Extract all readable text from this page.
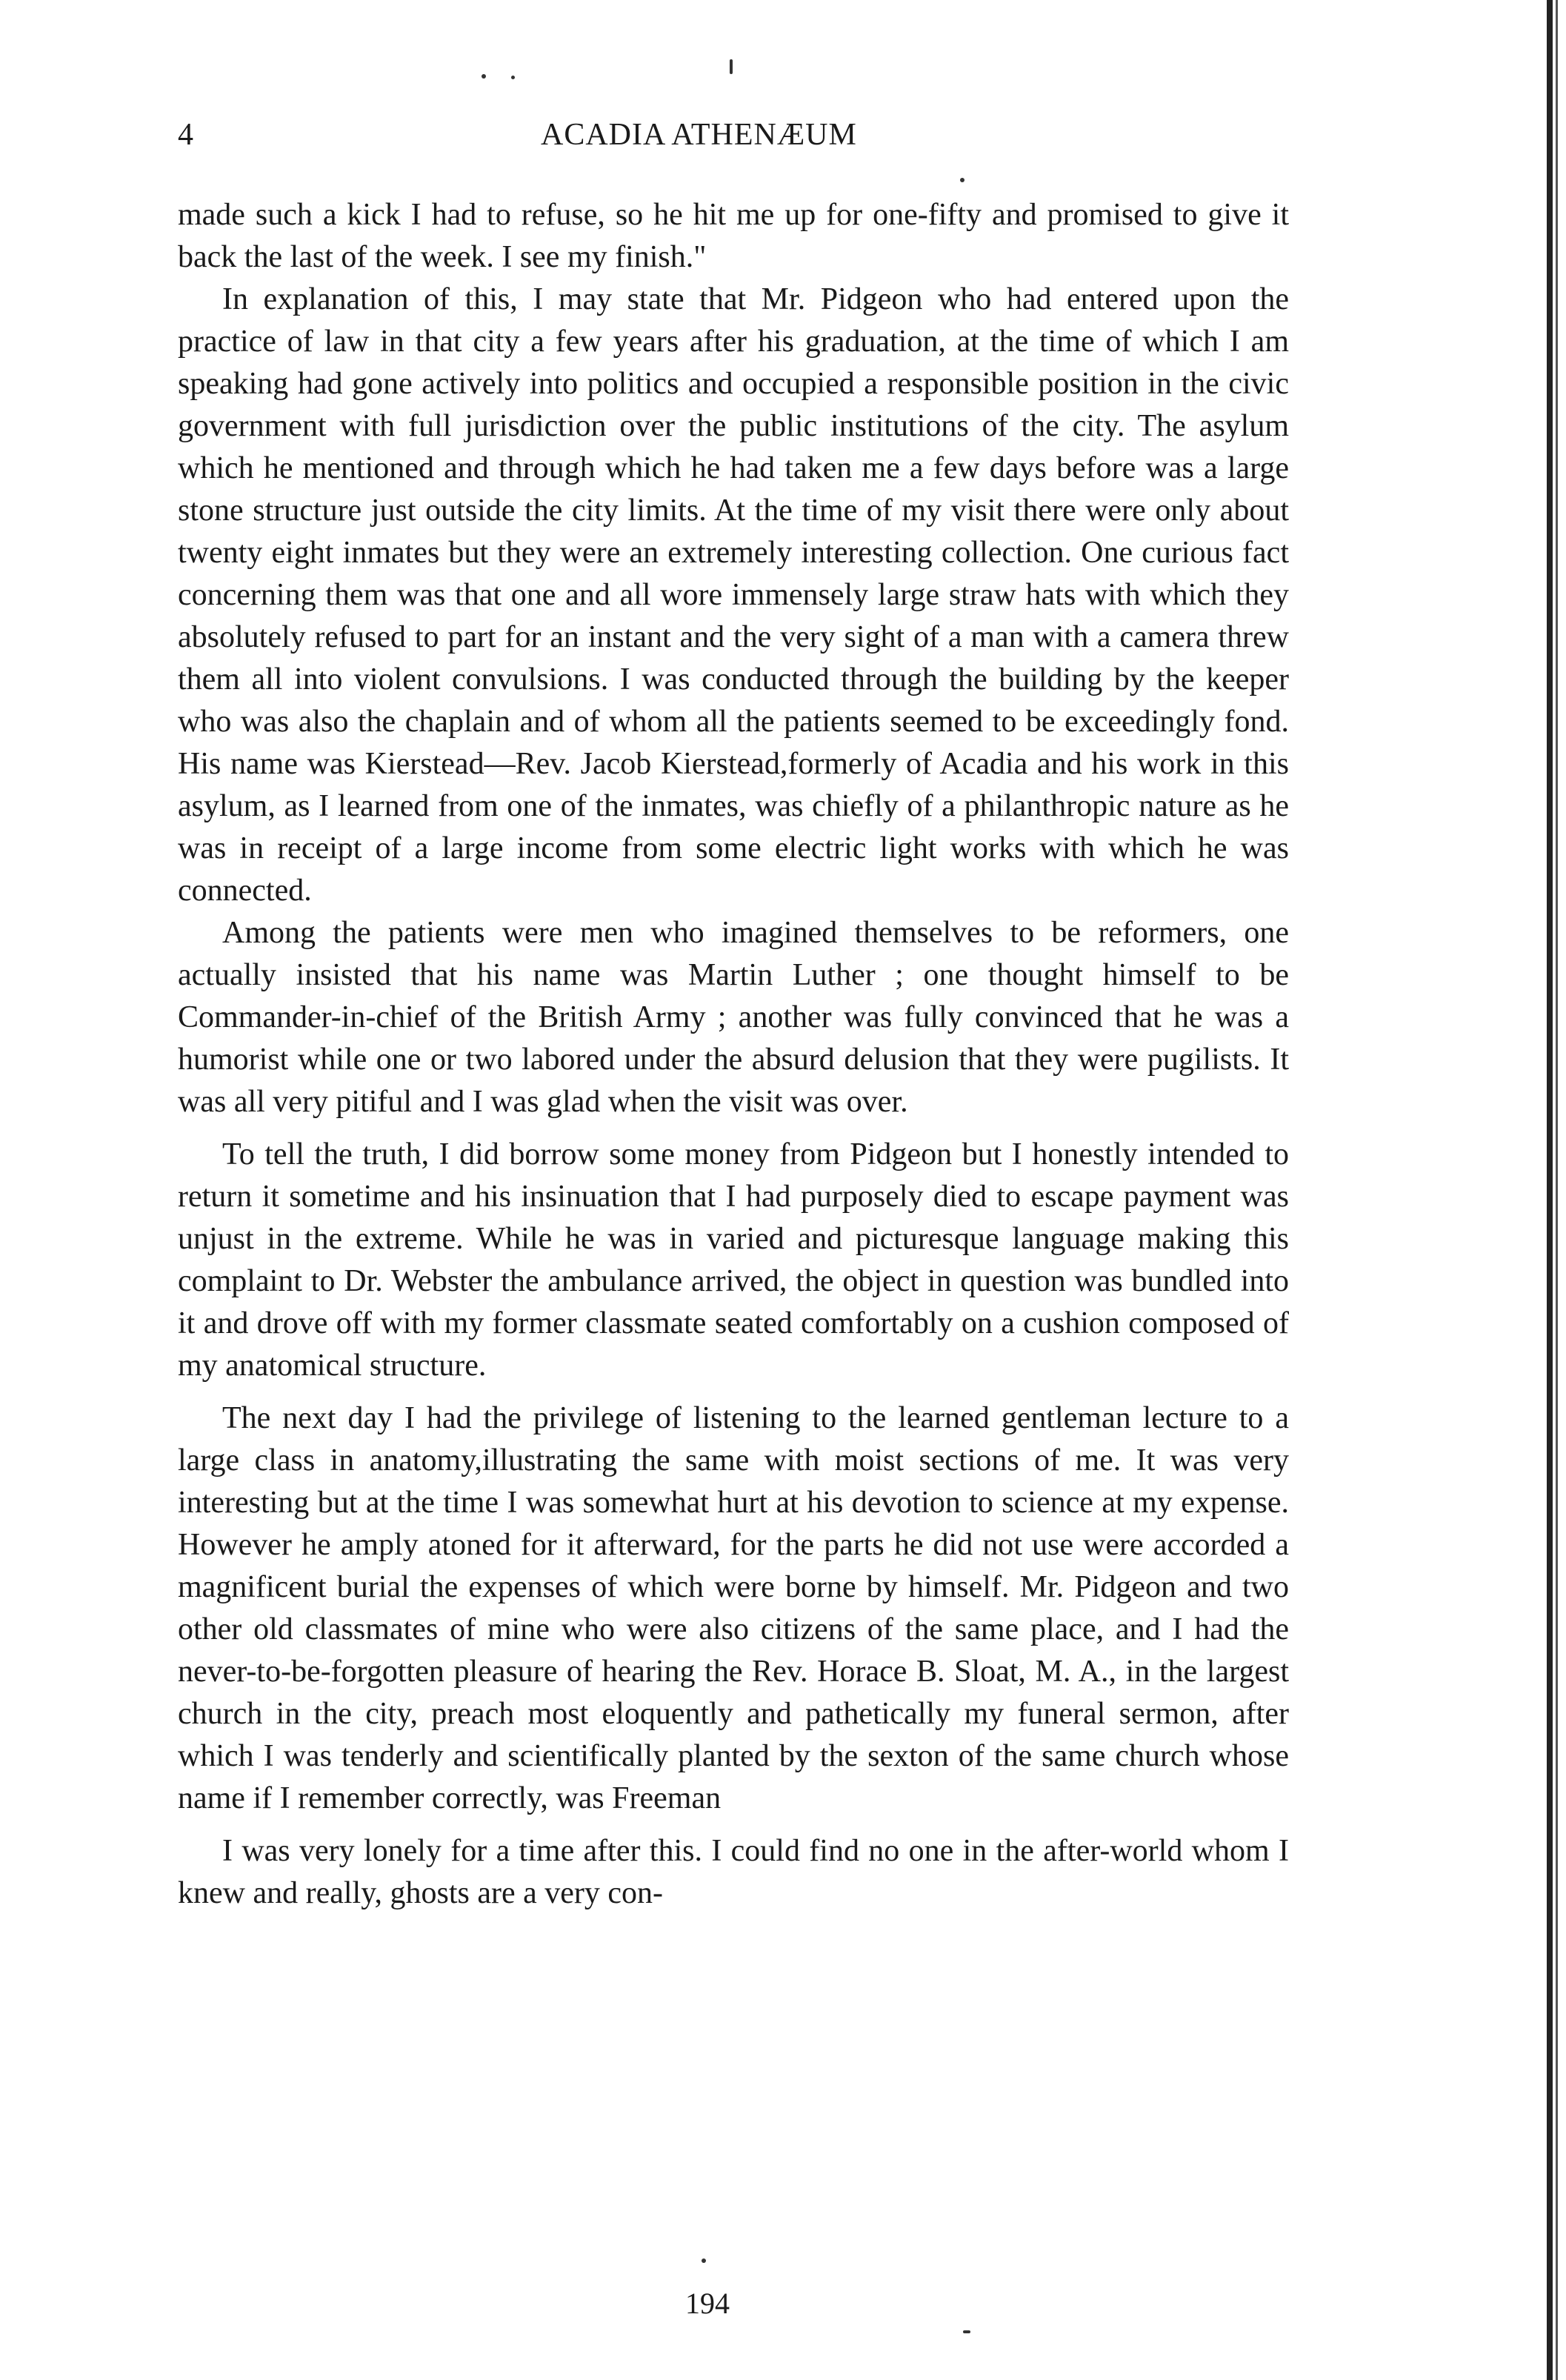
4	ACADIA ATHENÆUM

made such a kick I had to refuse, so he hit me up for one-fifty and promised to give it back the last of the week. I see my finish."

In explanation of this, I may state that Mr. Pidgeon who had entered upon the practice of law in that city a few years after his graduation, at the time of which I am speaking had gone actively into politics and occupied a responsible position in the civic government with full jurisdiction over the public institutions of the city. The asylum which he mentioned and through which he had taken me a few days before was a large stone structure just outside the city limits. At the time of my visit there were only about twenty eight inmates but they were an extremely interesting collection. One curious fact concerning them was that one and all wore immensely large straw hats with which they absolutely refused to part for an instant and the very sight of a man with a camera threw them all into violent convulsions. I was conducted through the building by the keeper who was also the chaplain and of whom all the patients seemed to be exceedingly fond. His name was Kierstead—Rev. Jacob Kierstead,formerly of Acadia and his work in this asylum, as I learned from one of the inmates, was chiefly of a philanthropic nature as he was in receipt of a large income from some electric light works with which he was connected.

Among the patients were men who imagined themselves to be reformers, one actually insisted that his name was Martin Luther ; one thought himself to be Commander-in-chief of the British Army ; another was fully convinced that he was a humorist while one or two labored under the absurd delusion that they were pugilists. It was all very pitiful and I was glad when the visit was over.

To tell the truth, I did borrow some money from Pidgeon but I honestly intended to return it sometime and his insinuation that I had purposely died to escape payment was unjust in the extreme. While he was in varied and picturesque language making this complaint to Dr. Webster the ambulance arrived, the object in question was bundled into it and drove off with my former classmate seated comfortably on a cushion composed of my anatomical structure.

The next day I had the privilege of listening to the learned gentleman lecture to a large class in anatomy,illustrating the same with moist sections of me. It was very interesting but at the time I was somewhat hurt at his devotion to science at my expense. However he amply atoned for it afterward, for the parts he did not use were accorded a magnificent burial the expenses of which were borne by himself. Mr. Pidgeon and two other old classmates of mine who were also citizens of the same place, and I had the never-to-be-forgotten pleasure of hearing the Rev. Horace B. Sloat, M. A., in the largest church in the city, preach most eloquently and pathetically my funeral sermon, after which I was tenderly and scientifically planted by the sexton of the same church whose name if I remember correctly, was Freeman

I was very lonely for a time after this. I could find no one in the after-world whom I knew and really, ghosts are a very con-

194
